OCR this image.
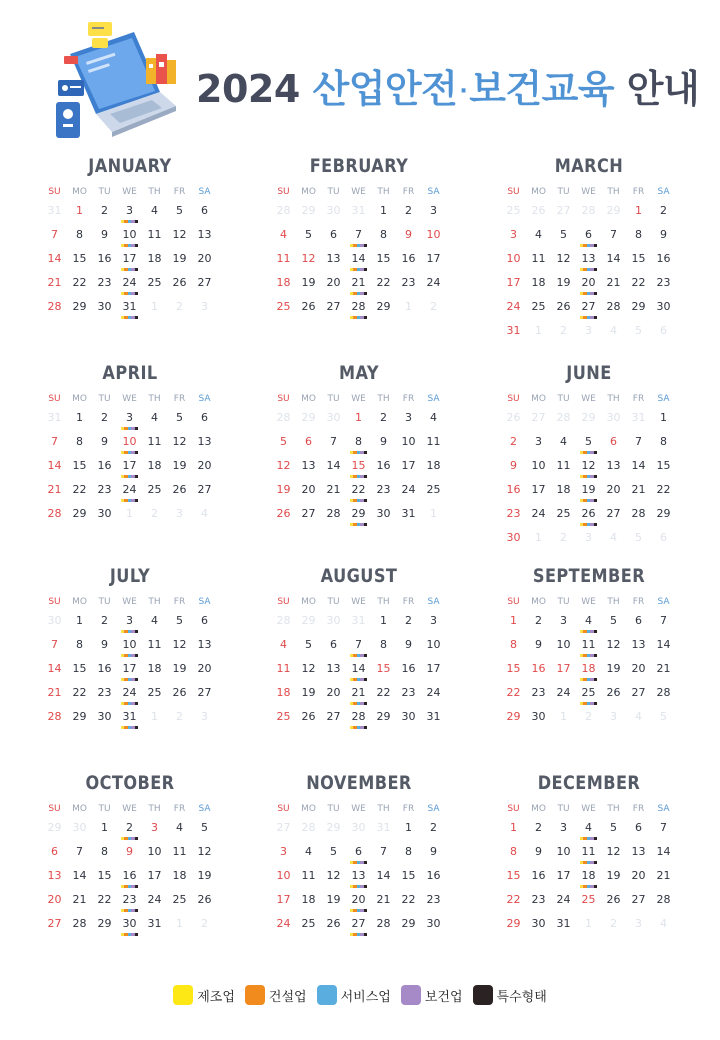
2024 산업안전·보건교육 안내
JANUARY
SU	MO	TU	WE	TH	FR	SA
31	1	2	3	4	5	6
7	8	9	10	11	12	13
14	15	16	17	18	19	20
21	22	23	24	25	26	27
28	29	30	31	1	2	3
FEBRUARY
SU	MO	TU	WE	TH	FR	SA
28	29	30	31	1	2	3
4	5	6	7	8	9	10
11	12	13	14	15	16	17
18	19	20	21	22	23	24
25	26	27	28	29	1	2
MARCH
SU	MO	TU	WE	TH	FR	SA
25	26	27	28	29	1	2
3	4	5	6	7	8	9
10	11	12	13	14	15	16
17	18	19	20	21	22	23
24	25	26	27	28	29	30
31	1	2	3	4	5	6
APRIL
SU	MO	TU	WE	TH	FR	SA
31	1	2	3	4	5	6
7	8	9	10	11	12	13
14	15	16	17	18	19	20
21	22	23	24	25	26	27
28	29	30	1	2	3	4
MAY
SU	MO	TU	WE	TH	FR	SA
28	29	30	1	2	3	4
5	6	7	8	9	10	11
12	13	14	15	16	17	18
19	20	21	22	23	24	25
26	27	28	29	30	31	1
JUNE
SU	MO	TU	WE	TH	FR	SA
26	27	28	29	30	31	1
2	3	4	5	6	7	8
9	10	11	12	13	14	15
16	17	18	19	20	21	22
23	24	25	26	27	28	29
30	1	2	3	4	5	6
JULY
SU	MO	TU	WE	TH	FR	SA
30	1	2	3	4	5	6
7	8	9	10	11	12	13
14	15	16	17	18	19	20
21	22	23	24	25	26	27
28	29	30	31	1	2	3
AUGUST
SU	MO	TU	WE	TH	FR	SA
28	29	30	31	1	2	3
4	5	6	7	8	9	10
11	12	13	14	15	16	17
18	19	20	21	22	23	24
25	26	27	28	29	30	31
SEPTEMBER
SU	MO	TU	WE	TH	FR	SA
1	2	3	4	5	6	7
8	9	10	11	12	13	14
15	16	17	18	19	20	21
22	23	24	25	26	27	28
29	30	1	2	3	4	5
OCTOBER
SU	MO	TU	WE	TH	FR	SA
29	30	1	2	3	4	5
6	7	8	9	10	11	12
13	14	15	16	17	18	19
20	21	22	23	24	25	26
27	28	29	30	31	1	2
NOVEMBER
SU	MO	TU	WE	TH	FR	SA
27	28	29	30	31	1	2
3	4	5	6	7	8	9
10	11	12	13	14	15	16
17	18	19	20	21	22	23
24	25	26	27	28	29	30
DECEMBER
SU	MO	TU	WE	TH	FR	SA
1	2	3	4	5	6	7
8	9	10	11	12	13	14
15	16	17	18	19	20	21
22	23	24	25	26	27	28
29	30	31	1	2	3	4
제조업	건설업	서비스업	보건업	특수형태
